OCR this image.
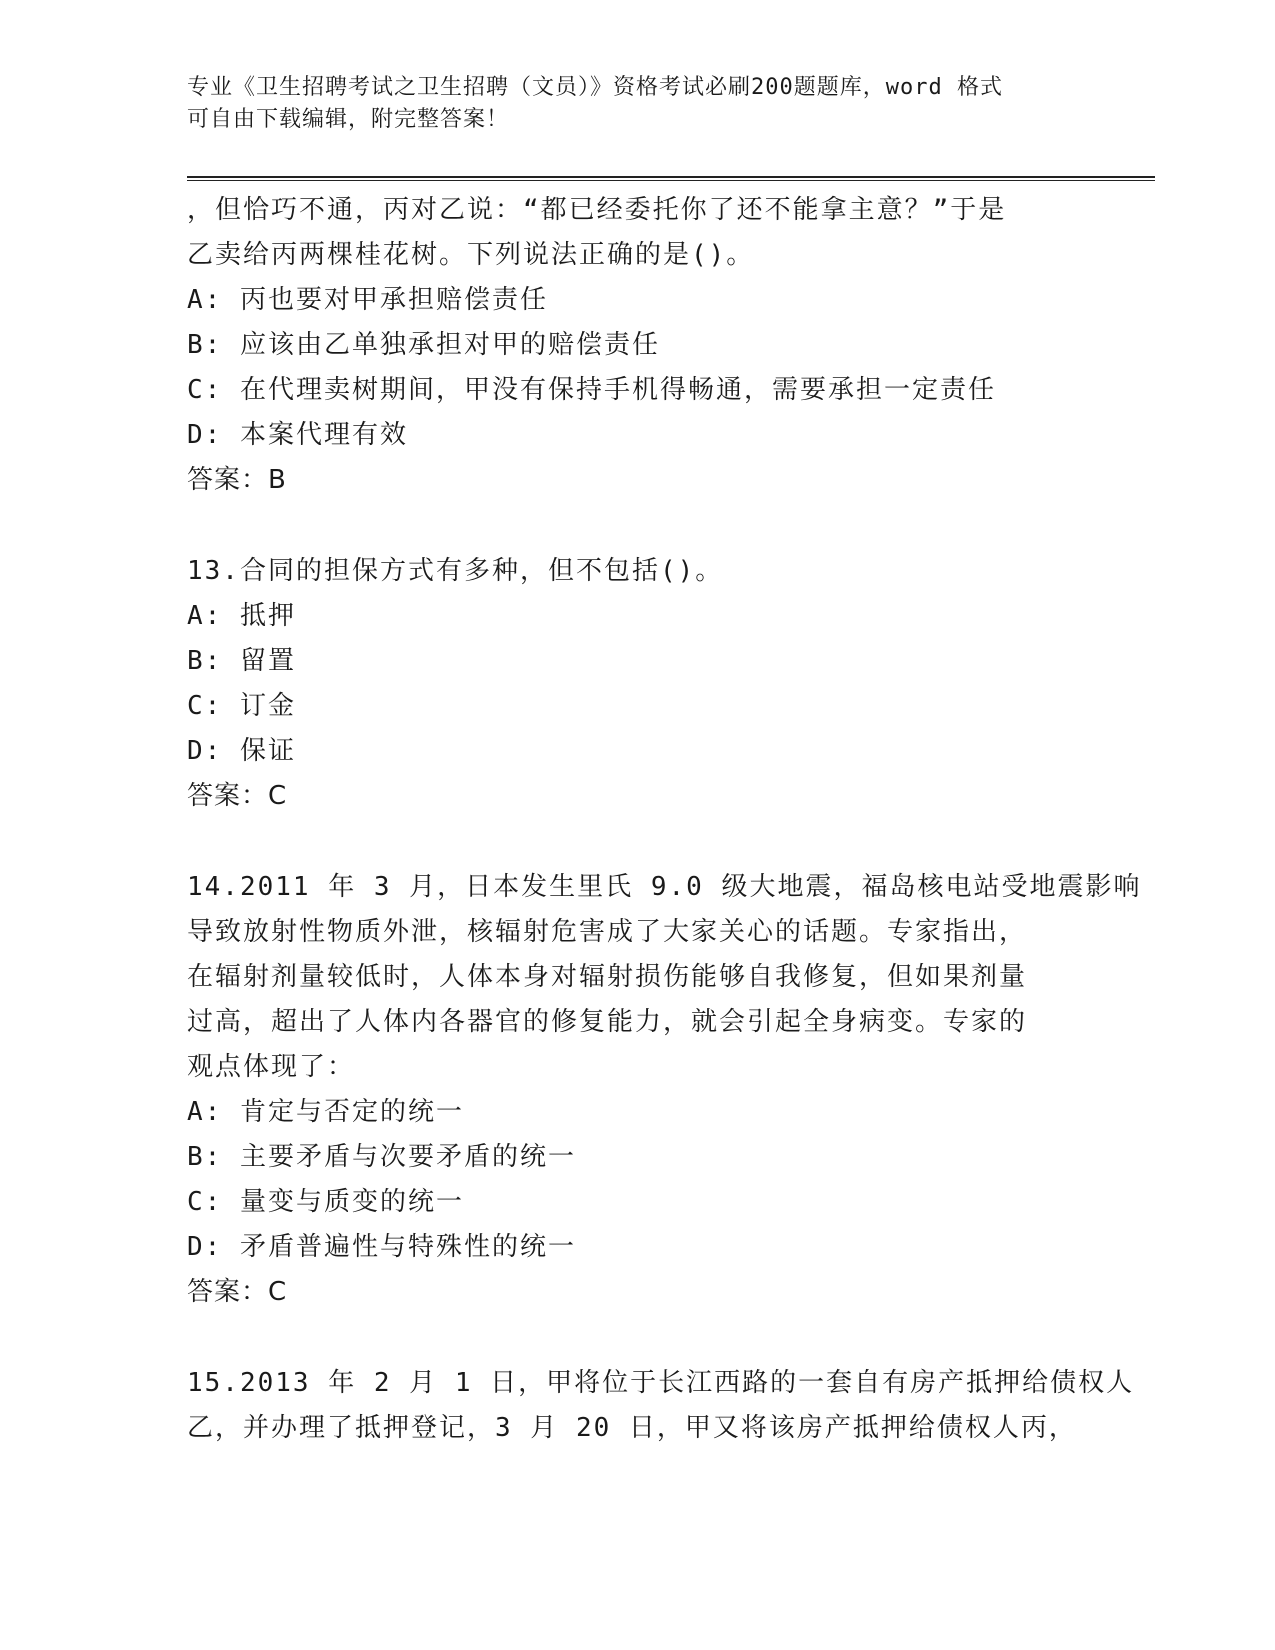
专业《卫生招聘考试之卫生招聘（文员）》资格考试必刷200题题库，word 格式
可自由下载编辑，附完整答案！
，但恰巧不通，丙对乙说：“都已经委托你了还不能拿主意？”于是
乙卖给丙两棵桂花树。下列说法正确的是()。
A: 丙也要对甲承担赔偿责任
B: 应该由乙单独承担对甲的赔偿责任
C: 在代理卖树期间，甲没有保持手机得畅通，需要承担一定责任
D: 本案代理有效
答案：B
13.合同的担保方式有多种，但不包括()。
A: 抵押
B: 留置
C: 订金
D: 保证
答案：C
14.2011 年 3 月，日本发生里氏 9.0 级大地震，福岛核电站受地震影响
导致放射性物质外泄，核辐射危害成了大家关心的话题。专家指出，
在辐射剂量较低时，人体本身对辐射损伤能够自我修复，但如果剂量
过高，超出了人体内各器官的修复能力，就会引起全身病变。专家的
观点体现了：
A: 肯定与否定的统一
B: 主要矛盾与次要矛盾的统一
C: 量变与质变的统一
D: 矛盾普遍性与特殊性的统一
答案：C
15.2013 年 2 月 1 日，甲将位于长江西路的一套自有房产抵押给债权人
乙，并办理了抵押登记，3 月 20 日，甲又将该房产抵押给债权人丙，
